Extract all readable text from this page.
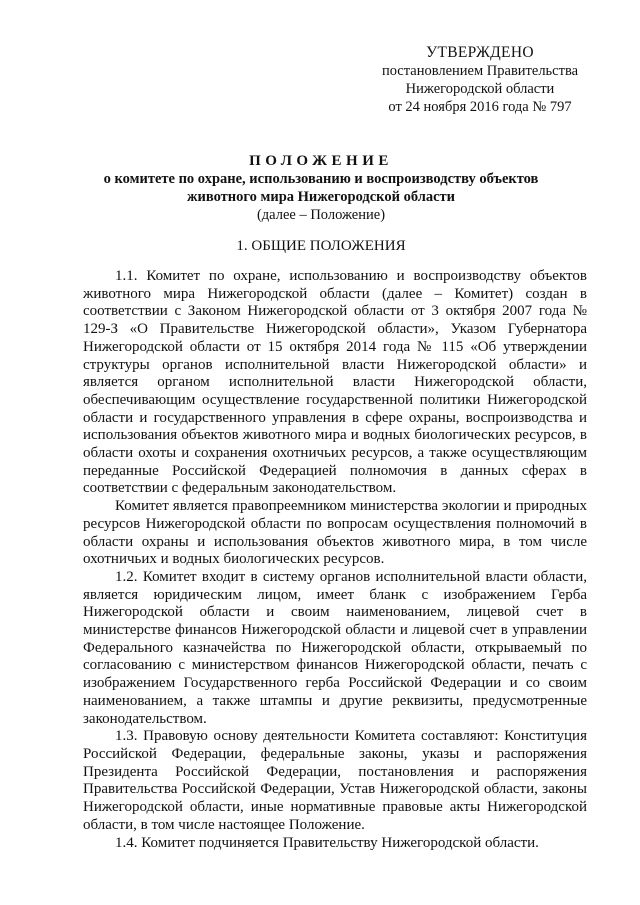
УТВЕРЖДЕНО
постановлением Правительства
Нижегородской области
от 24 ноября 2016 года № 797
ПОЛОЖЕНИЕ
о комитете по охране, использованию и воспроизводству объектов
животного мира Нижегородской области
(далее – Положение)
1. ОБЩИЕ ПОЛОЖЕНИЯ

1.1. Комитет по охране, использованию и воспроизводству объектов животного мира Нижегородской области (далее – Комитет) создан в соответствии с Законом Нижегородской области от 3 октября 2007 года № 129-З «О Правительстве Нижегородской области», Указом Губернатора Нижегородской области от 15 октября 2014 года № 115 «Об утверждении структуры органов исполнительной власти Нижегородской области» и является органом исполнительной власти Нижегородской области, обеспечивающим осуществление государственной политики Нижегородской области и государственного управления в сфере охраны, воспроизводства и использования объектов животного мира и водных биологических ресурсов, в области охоты и сохранения охотничьих ресурсов, а также осуществляющим переданные Российской Федерацией полномочия в данных сферах в соответствии с федеральным законодательством.

Комитет является правопреемником министерства экологии и природных ресурсов Нижегородской области по вопросам осуществления полномочий в области охраны и использования объектов животного мира, в том числе охотничьих и водных биологических ресурсов.

1.2. Комитет входит в систему органов исполнительной власти области, является юридическим лицом, имеет бланк с изображением Герба Нижегородской области и своим наименованием, лицевой счет в министерстве финансов Нижегородской области и лицевой счет в управлении Федерального казначейства по Нижегородской области, открываемый по согласованию с министерством финансов Нижегородской области, печать с изображением Государственного герба Российской Федерации и со своим наименованием, а также штампы и другие реквизиты, предусмотренные законодательством.

1.3. Правовую основу деятельности Комитета составляют: Конституция Российской Федерации, федеральные законы, указы и распоряжения Президента Российской Федерации, постановления и распоряжения Правительства Российской Федерации, Устав Нижегородской области, законы Нижегородской области, иные нормативные правовые акты Нижегородской области, в том числе настоящее Положение.

1.4. Комитет подчиняется Правительству Нижегородской области.
